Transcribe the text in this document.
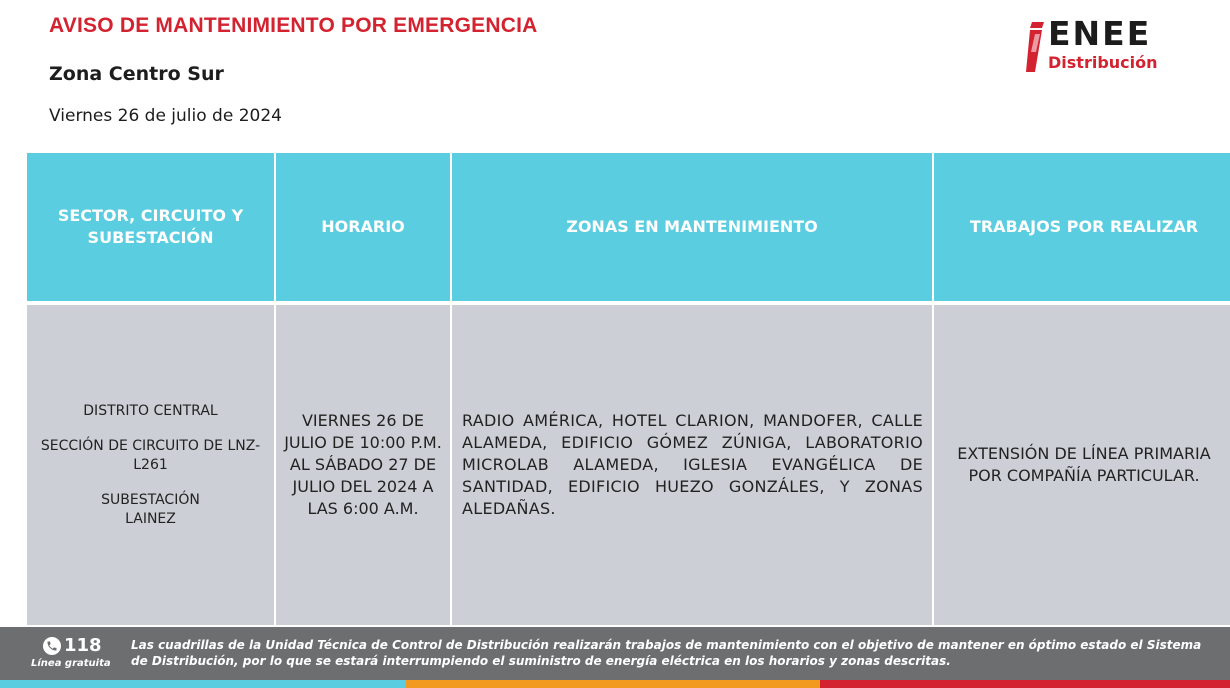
AVISO DE MANTENIMIENTO POR EMERGENCIA
Zona Centro Sur
Viernes 26 de julio de 2024
ENEE
Distribución
SECTOR, CIRCUITO Y SUBESTACIÓN
HORARIO	ZONAS EN MANTENIMIENTO	TRABAJOS POR REALIZAR
DISTRITO CENTRAL
SECCIÓN DE CIRCUITO DE LNZ-L261
SUBESTACIÓN LAINEZ
VIERNES 26 DE JULIO DE 10:00 P.M. AL SÁBADO 27 DE JULIO DEL 2024 A LAS 6:00 A.M.
RADIO AMÉRICA, HOTEL CLARION, MANDOFER, CALLE ALAMEDA, EDIFICIO GÓMEZ ZÚNIGA, LABORATORIO MICROLAB ALAMEDA, IGLESIA EVANGÉLICA DE SANTIDAD, EDIFICIO HUEZO GONZÁLES, Y ZONAS ALEDAÑAS.
EXTENSIÓN DE LÍNEA PRIMARIA POR COMPAÑÍA PARTICULAR.
118
Línea gratuita
Las cuadrillas de la Unidad Técnica de Control de Distribución realizarán trabajos de mantenimiento con el objetivo de mantener en óptimo estado el Sistema de Distribución, por lo que se estará interrumpiendo el suministro de energía eléctrica en los horarios y zonas descritas.
